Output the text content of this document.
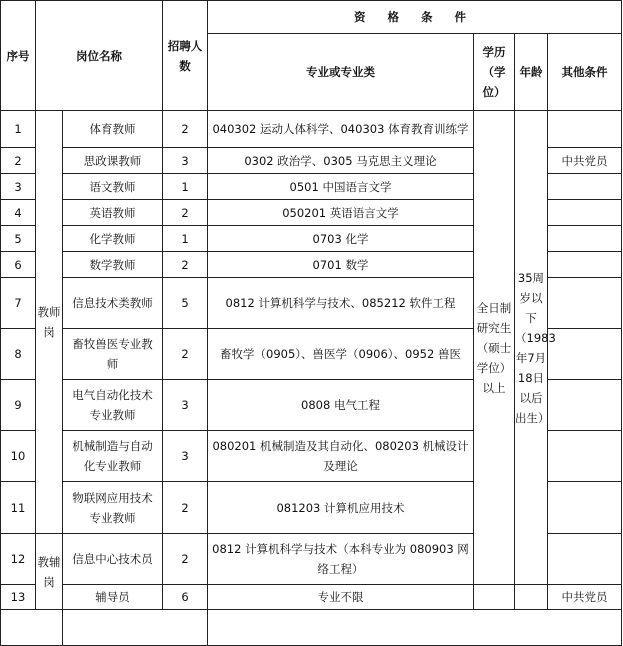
序号	岗位名称		招聘人数	资 格 条 件			
				专业或专业类	学历（学位）	年龄	其他条件
1	教师岗	体育教师	2	040302 运动人体科学、040303 体育教育训练学	全日制研究生（硕士学位）以上	35周岁以下（1983年7月18日以后出生）	
2		思政课教师	3	0302 政治学、0305 马克思主义理论			中共党员
3		语文教师	1	0501 中国语言文学			
4		英语教师	2	050201 英语语言文学			
5		化学教师	1	0703 化学			
6		数学教师	2	0701 数学			
7		信息技术类教师	5	0812 计算机科学与技术、085212 软件工程			
8		畜牧兽医专业教师	2	畜牧学（0905）、兽医学（0906）、0952 兽医			
9		电气自动化技术专业教师	3	0808 电气工程			
10		机械制造与自动化专业教师	3	080201 机械制造及其自动化、080203 机械设计及理论			
11		物联网应用技术专业教师	2	081203 计算机应用技术			
12	教辅岗	信息中心技术员	2	0812 计算机科学与技术（本科专业为 080903 网络工程）			
13		辅导员	6	专业不限			中共党员
